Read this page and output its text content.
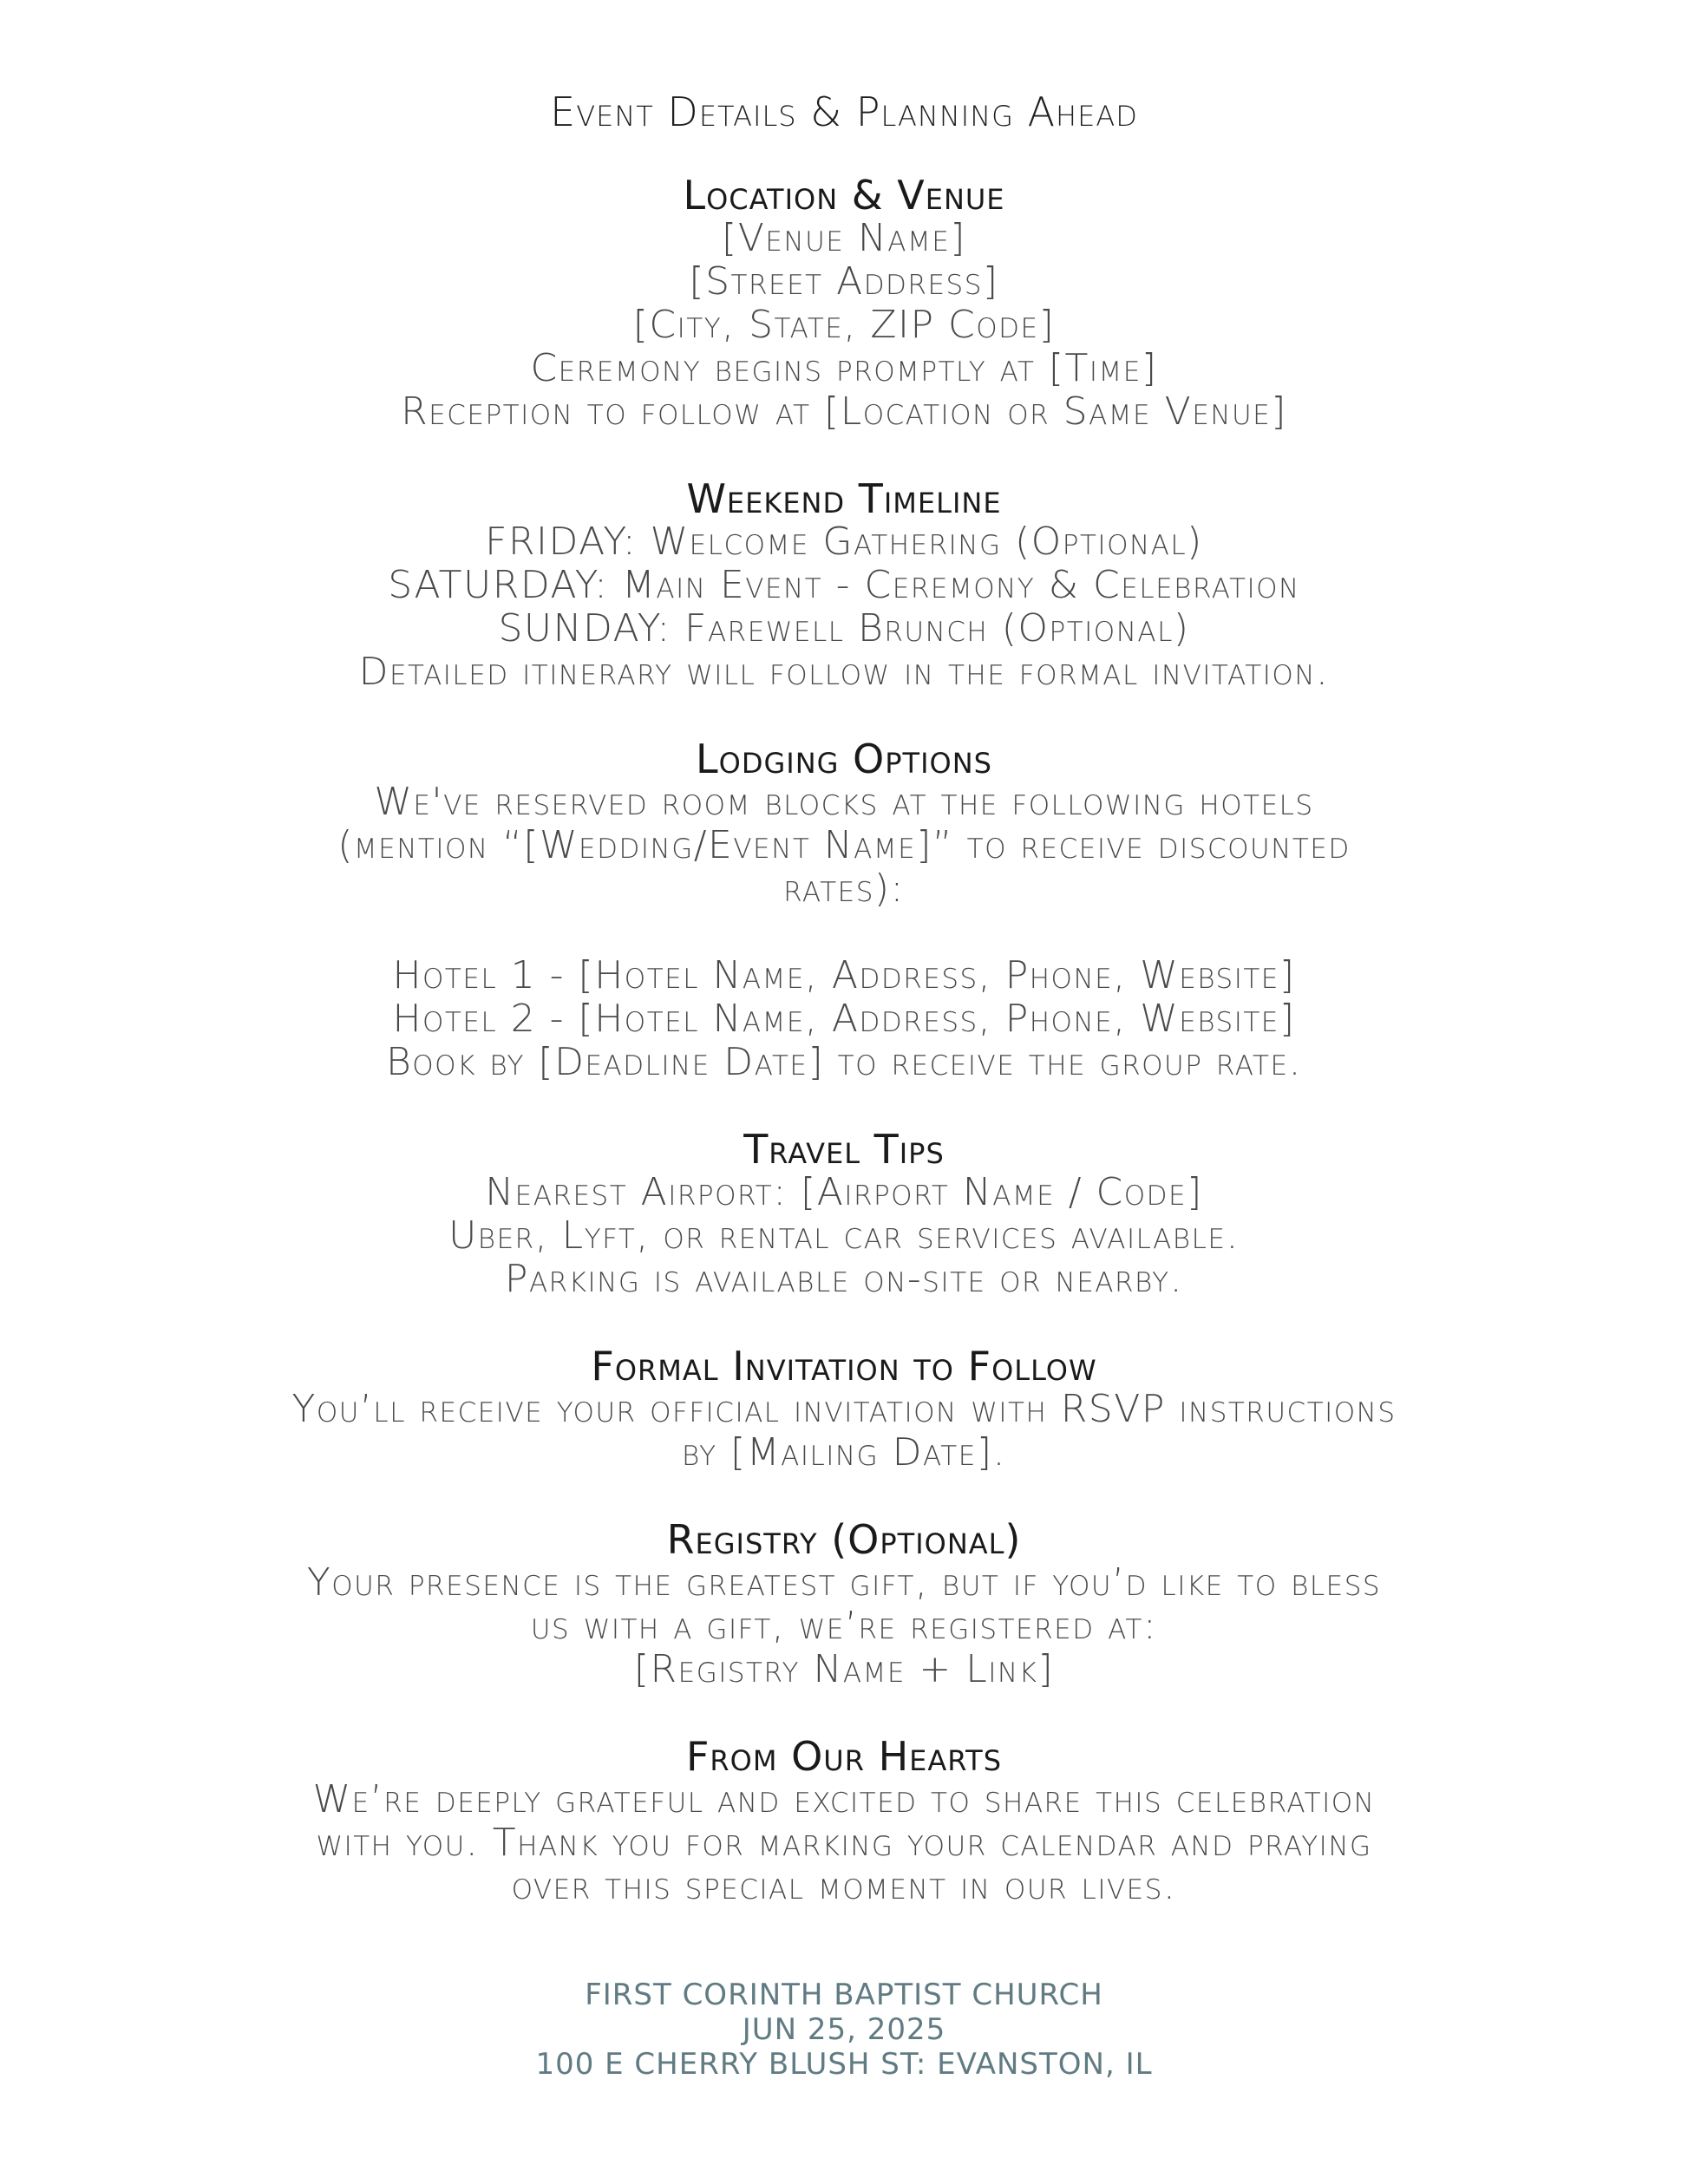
Event Details & Planning Ahead
Location & Venue

[Venue Name]

[Street Address]

[City, State, ZIP Code]

Ceremony begins promptly at [Time]

Reception to follow at [Location or Same Venue]

Weekend Timeline

FRIDAY: Welcome Gathering (Optional)

SATURDAY: Main Event - Ceremony & Celebration

SUNDAY: Farewell Brunch (Optional)

Detailed itinerary will follow in the formal invitation.

Lodging Options

We've reserved room blocks at the following hotels

(mention “[Wedding/Event Name]” to receive discounted

rates):

Hotel 1 - [Hotel Name, Address, Phone, Website]

Hotel 2 - [Hotel Name, Address, Phone, Website]

Book by [Deadline Date] to receive the group rate.

Travel Tips

Nearest Airport: [Airport Name / Code]

Uber, Lyft, or rental car services available.

Parking is available on-site or nearby.

Formal Invitation to Follow

You’ll receive your official invitation with RSVP instructions

by [Mailing Date].

Registry (Optional)

Your presence is the greatest gift, but if you’d like to bless

us with a gift, we’re registered at:

[Registry Name + Link]

From Our Hearts

We’re deeply grateful and excited to share this celebration

with you. Thank you for marking your calendar and praying

over this special moment in our lives.

FIRST CORINTH BAPTIST CHURCH

JUN 25, 2025

100 E CHERRY BLUSH ST: EVANSTON, IL
